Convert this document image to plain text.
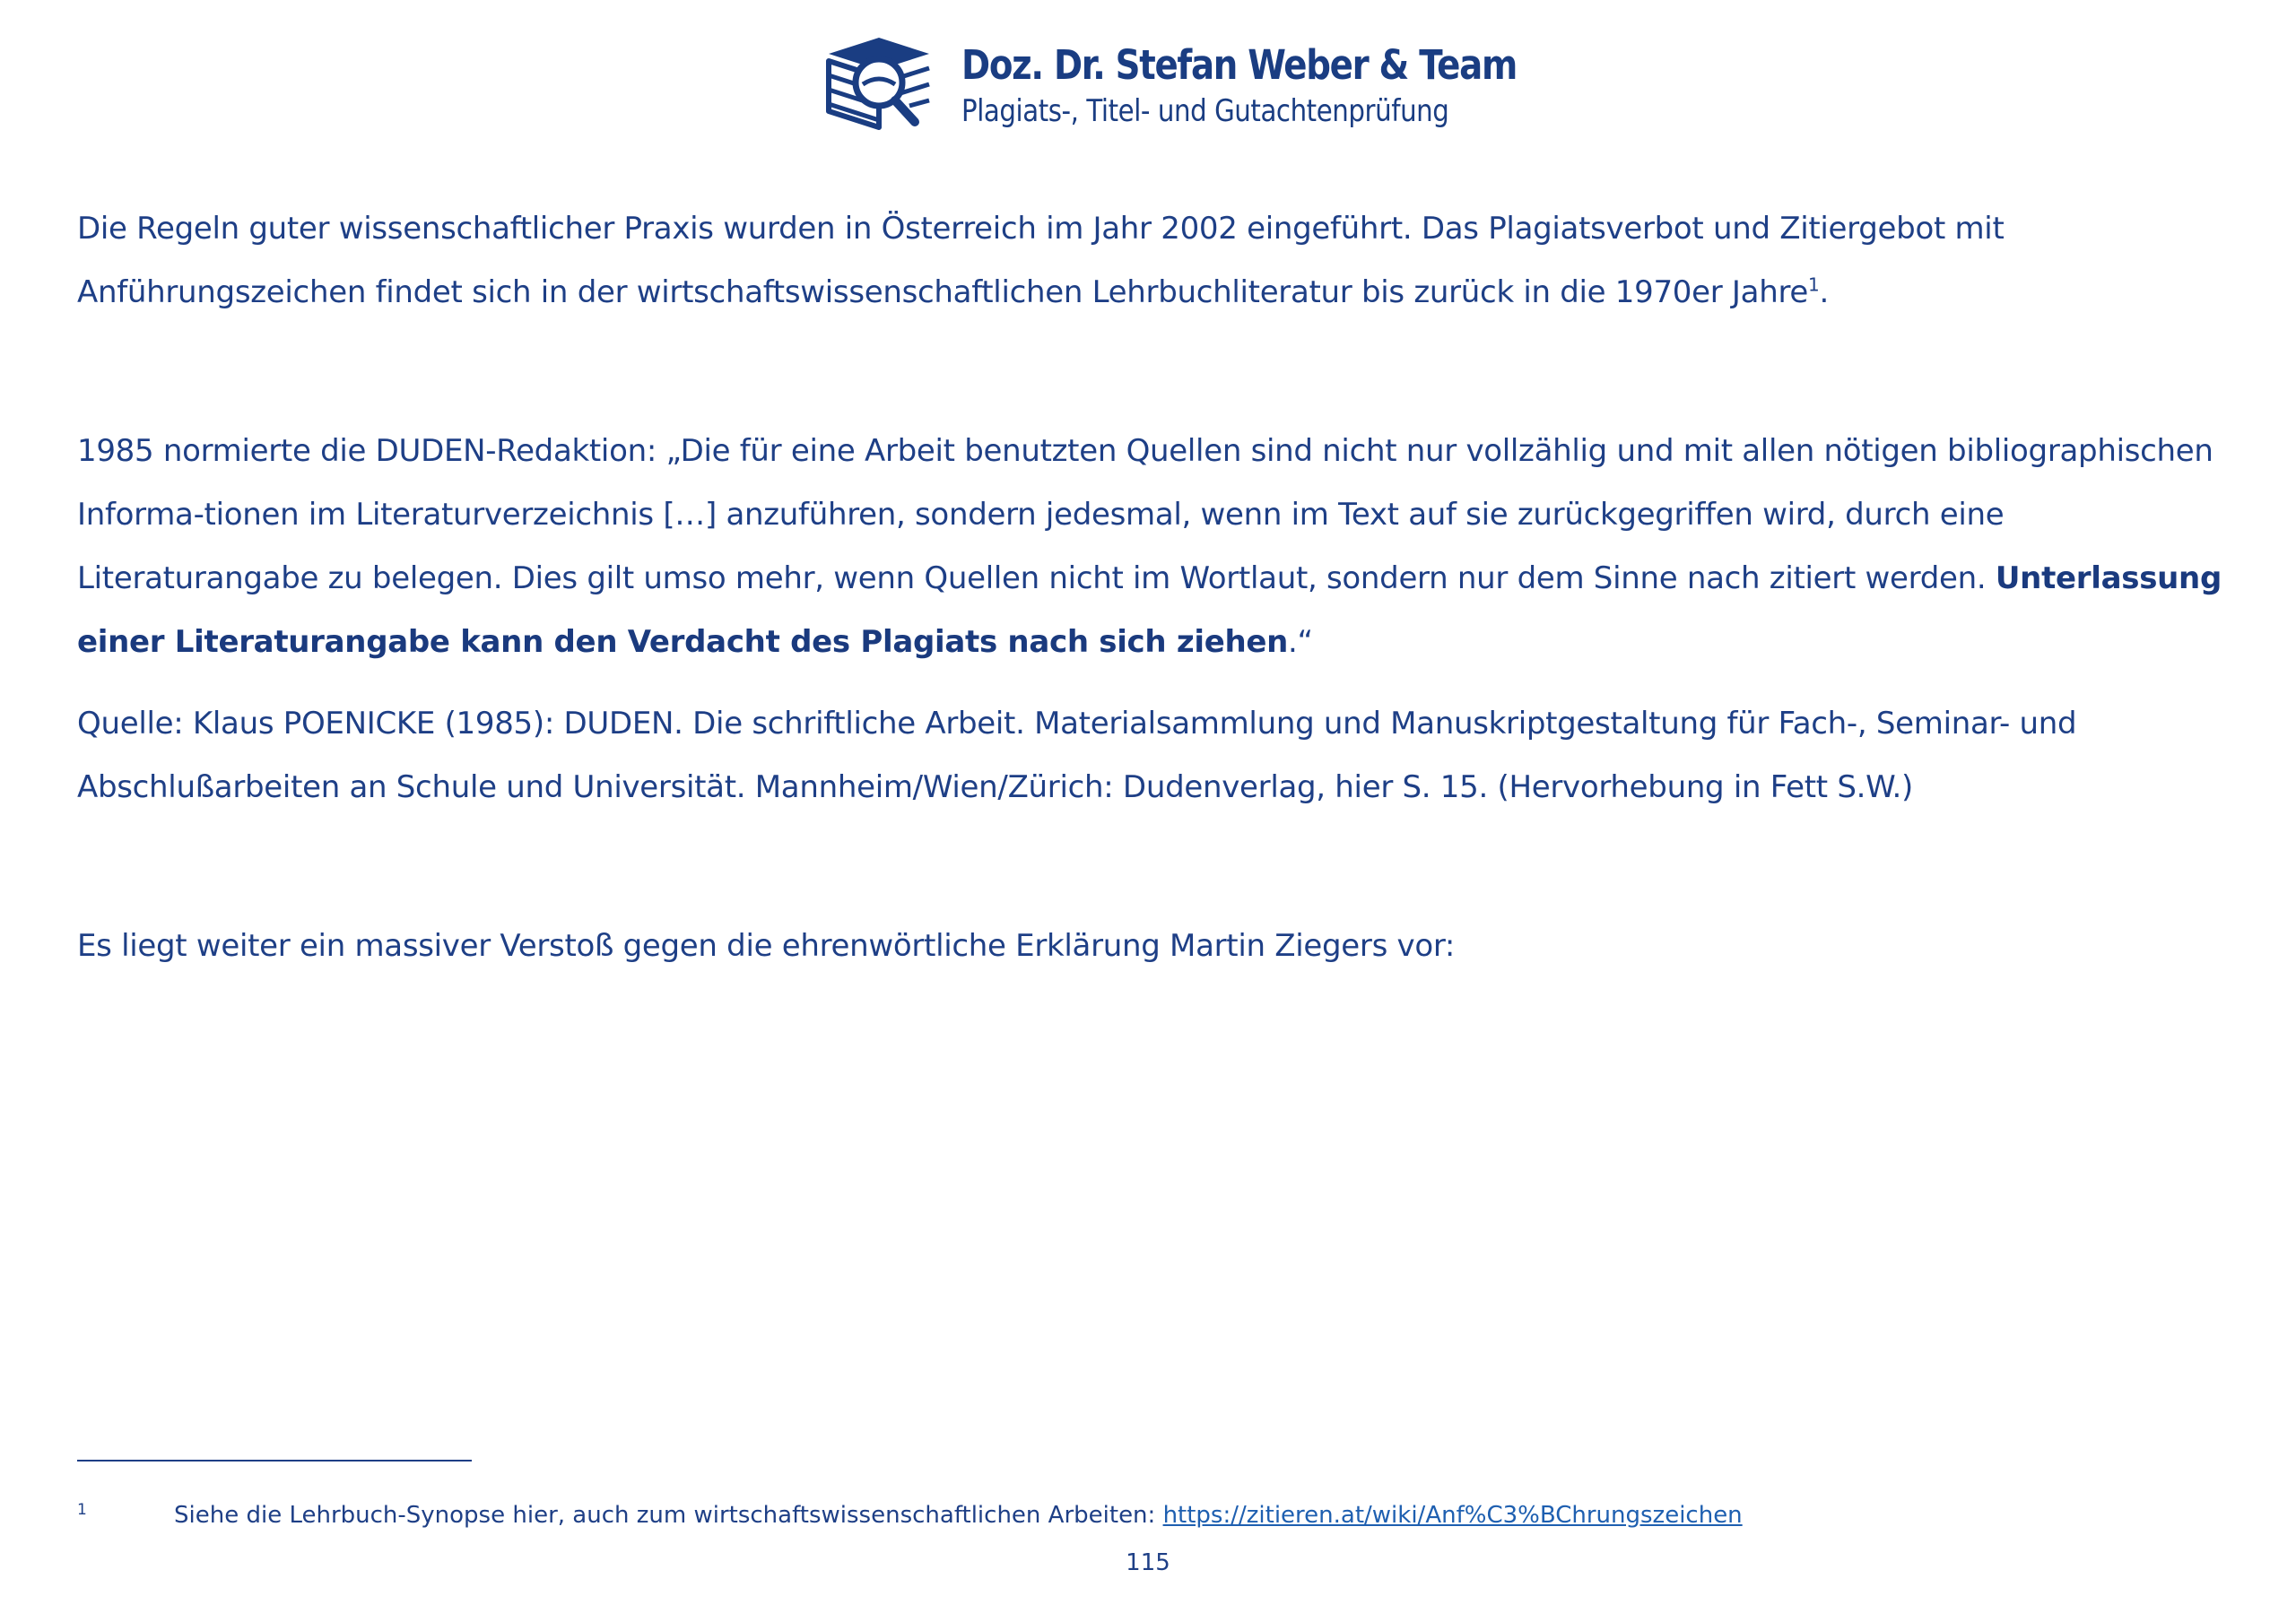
Doz. Dr. Stefan Weber & Team
Plagiats-, Titel- und Gutachtenprüfung

Die Regeln guter wissenschaftlicher Praxis wurden in Österreich im Jahr 2002 eingeführt. Das Plagiatsverbot und Zitiergebot mit Anführungszeichen findet sich in der wirtschaftswissenschaftlichen Lehrbuchliteratur bis zurück in die 1970er Jahre$^1$.

1985 normierte die DUDEN-Redaktion: „Die für eine Arbeit benutzten Quellen sind nicht nur vollzählig und mit allen nötigen bibliographischen Informa-tionen im Literaturverzeichnis […] anzuführen, sondern jedesmal, wenn im Text auf sie zurückgegriffen wird, durch eine Literaturangabe zu belegen. Dies gilt umso mehr, wenn Quellen nicht im Wortlaut, sondern nur dem Sinne nach zitiert werden. Unterlassung einer Literaturangabe kann den Verdacht des Plagiats nach sich ziehen.“

Quelle: Klaus POENICKE (1985): DUDEN. Die schriftliche Arbeit. Materialsammlung und Manuskriptgestaltung für Fach-, Seminar- und Abschlußarbeiten an Schule und Universität. Mannheim/Wien/Zürich: Dudenverlag, hier S. 15. (Hervorhebung in Fett S.W.)

Es liegt weiter ein massiver Verstoß gegen die ehrenwörtliche Erklärung Martin Ziegers vor:

1	Siehe die Lehrbuch-Synopse hier, auch zum wirtschaftswissenschaftlichen Arbeiten: https://zitieren.at/wiki/Anf%C3%BChrungszeichen
115
